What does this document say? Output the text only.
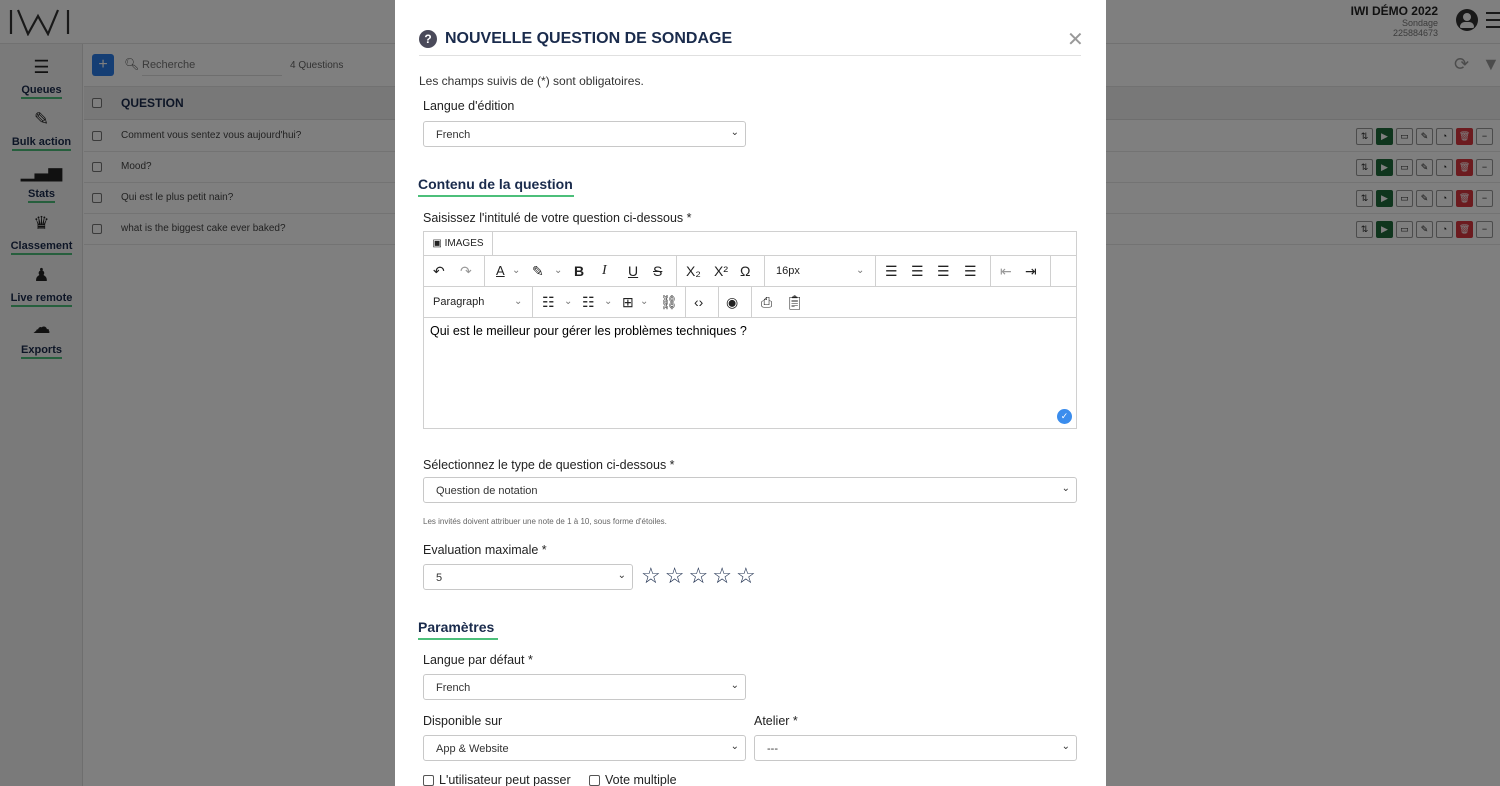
Recherche
? NOUVELLE QUESTION DE SONDAGE	✕
Les champs suivis de (*) sont obligatoires.
Langue d'édition
French	⌄
Contenu de la question
Saisissez l'intitulé de votre question ci-dessous *
▣ IMAGES
↶ ↷ A ⌄ ✎ ⌄ B I U S X₂ X² Ω 16px	⌄ ☰ ☰ ☰ ☰ ⇤ ⇥
Paragraph	⌄ ☷ ⌄ ☷ ⌄ ⊞ ⌄ ⛓ ‹› ◉ ⎙ 📋︎
Qui est le meilleur pour gérer les problèmes techniques ?
✓
Sélectionnez le type de question ci-dessous *
Question de notation	⌄
Les invités doivent attribuer une note de 1 à 10, sous forme d'étoiles.
Evaluation maximale *
5	⌄ ☆☆☆☆☆
Paramètres
Langue par défaut *
French	⌄
Disponible sur
App & Website	⌄
Atelier *
---	⌄
L'utilisateur peut passer	Vote multiple
